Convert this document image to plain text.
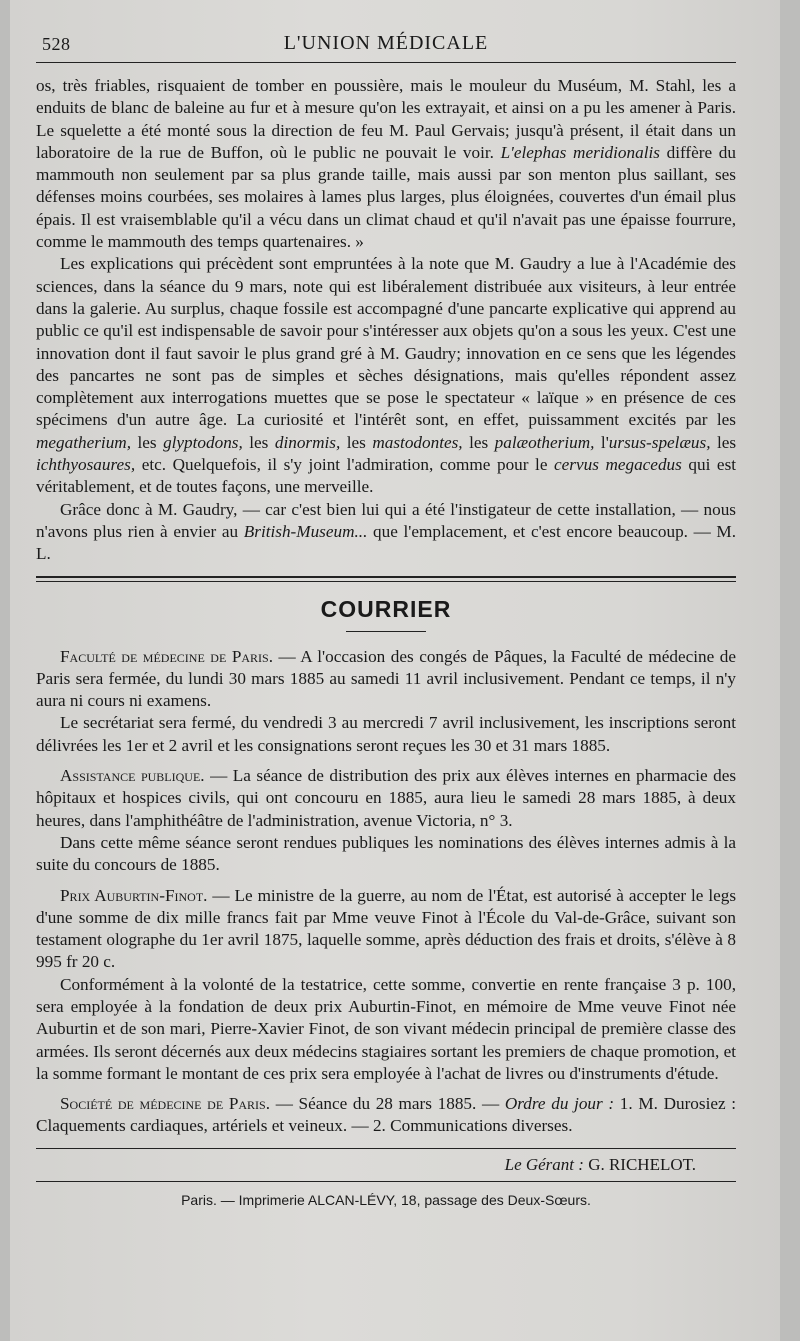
528	L'UNION MÉDICALE

os, très friables, risquaient de tomber en poussière, mais le mouleur du Muséum, M. Stahl, les a enduits de blanc de baleine au fur et à mesure qu'on les extrayait, et ainsi on a pu les amener à Paris. Le squelette a été monté sous la direction de feu M. Paul Gervais; jusqu'à présent, il était dans un laboratoire de la rue de Buffon, où le public ne pouvait le voir. L'elephas meridionalis diffère du mammouth non seulement par sa plus grande taille, mais aussi par son menton plus saillant, ses défenses moins courbées, ses molaires à lames plus larges, plus éloignées, couvertes d'un émail plus épais. Il est vraisemblable qu'il a vécu dans un climat chaud et qu'il n'avait pas une épaisse fourrure, comme le mammouth des temps quartenaires. »

Les explications qui précèdent sont empruntées à la note que M. Gaudry a lue à l'Académie des sciences, dans la séance du 9 mars, note qui est libéralement distribuée aux visiteurs, à leur entrée dans la galerie. Au surplus, chaque fossile est accompagné d'une pancarte explicative qui apprend au public ce qu'il est indispensable de savoir pour s'intéresser aux objets qu'on a sous les yeux. C'est une innovation dont il faut savoir le plus grand gré à M. Gaudry; innovation en ce sens que les légendes des pancartes ne sont pas de simples et sèches désignations, mais qu'elles répondent assez complètement aux interrogations muettes que se pose le spectateur « laïque » en présence de ces spécimens d'un autre âge. La curiosité et l'intérêt sont, en effet, puissamment excités par les megatherium, les glyptodons, les dinormis, les mastodontes, les palæotherium, l'ursus-spelæus, les ichthyosaures, etc. Quelquefois, il s'y joint l'admiration, comme pour le cervus megacedus qui est véritablement, et de toutes façons, une merveille.

Grâce donc à M. Gaudry, — car c'est bien lui qui a été l'instigateur de cette installation, — nous n'avons plus rien à envier au British-Museum... que l'emplacement, et c'est encore beaucoup. — M. L.

COURRIER

Faculté de médecine de Paris. — A l'occasion des congés de Pâques, la Faculté de médecine de Paris sera fermée, du lundi 30 mars 1885 au samedi 11 avril inclusivement. Pendant ce temps, il n'y aura ni cours ni examens.

Le secrétariat sera fermé, du vendredi 3 au mercredi 7 avril inclusivement, les inscriptions seront délivrées les 1er et 2 avril et les consignations seront reçues les 30 et 31 mars 1885.

Assistance publique. — La séance de distribution des prix aux élèves internes en pharmacie des hôpitaux et hospices civils, qui ont concouru en 1885, aura lieu le samedi 28 mars 1885, à deux heures, dans l'amphithéâtre de l'administration, avenue Victoria, n° 3.

Dans cette même séance seront rendues publiques les nominations des élèves internes admis à la suite du concours de 1885.

Prix Auburtin-Finot. — Le ministre de la guerre, au nom de l'État, est autorisé à accepter le legs d'une somme de dix mille francs fait par Mme veuve Finot à l'École du Val-de-Grâce, suivant son testament olographe du 1er avril 1875, laquelle somme, après déduction des frais et droits, s'élève à 8 995 fr 20 c.

Conformément à la volonté de la testatrice, cette somme, convertie en rente française 3 p. 100, sera employée à la fondation de deux prix Auburtin-Finot, en mémoire de Mme veuve Finot née Auburtin et de son mari, Pierre-Xavier Finot, de son vivant médecin principal de première classe des armées. Ils seront décernés aux deux médecins stagiaires sortant les premiers de chaque promotion, et la somme formant le montant de ces prix sera employée à l'achat de livres ou d'instruments d'étude.

Société de médecine de Paris. — Séance du 28 mars 1885. — Ordre du jour : 1. M. Durosiez : Claquements cardiaques, artériels et veineux. — 2. Communications diverses.

Le Gérant : G. RICHELOT.
Paris. — Imprimerie ALCAN-LÉVY, 18, passage des Deux-Sœurs.
